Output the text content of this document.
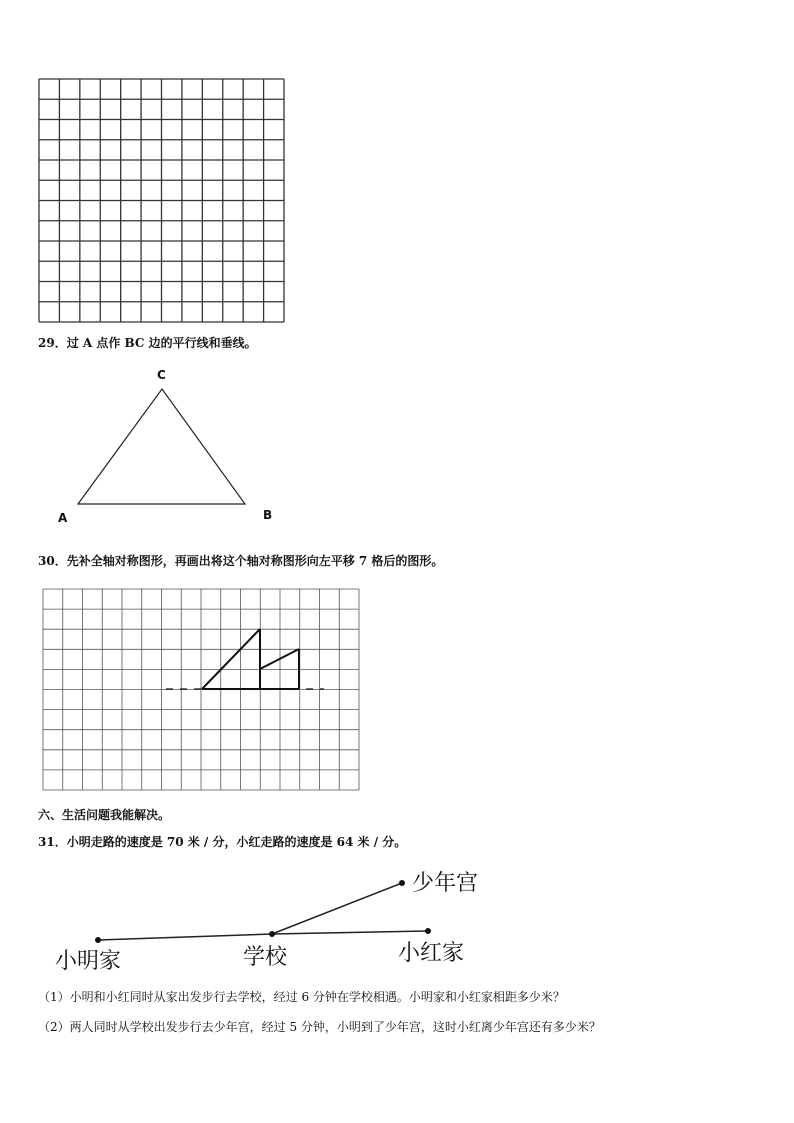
29．过 A 点作 BC 边的平行线和垂线。
C
A	B
30．先补全轴对称图形，再画出将这个轴对称图形向左平移 7 格后的图形。
六、生活问题我能解决。
31．小明走路的速度是 70 米 / 分，小红走路的速度是 64 米 / 分。
小明家	学校	小红家
少年宫
（1）小明和小红同时从家出发步行去学校，经过 6 分钟在学校相遇。小明家和小红家相距多少米？
（2）两人同时从学校出发步行去少年宫，经过 5 分钟，小明到了少年宫，这时小红离少年宫还有多少米？
